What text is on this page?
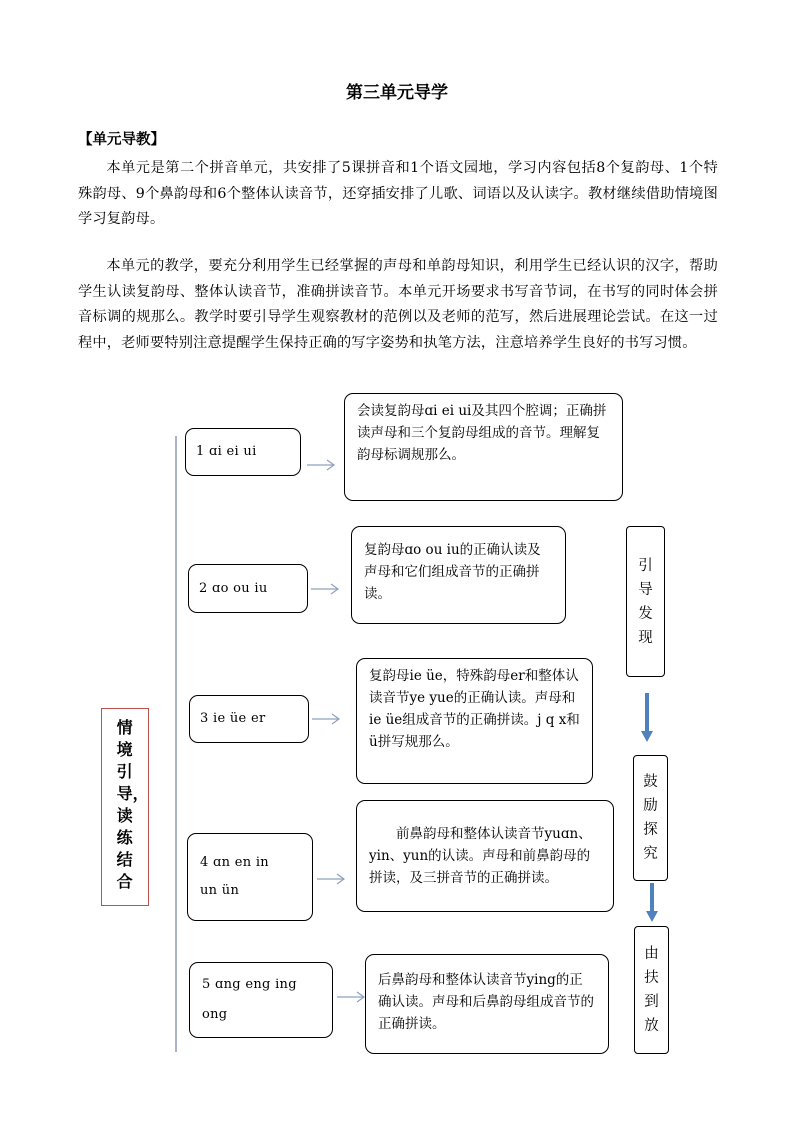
第三单元导学
【单元导教】
本单元是第二个拼音单元，共安排了5课拼音和1个语文园地，学习内容包括8个复韵母、1个特殊韵母、9个鼻韵母和6个整体认读音节，还穿插安排了儿歌、词语以及认读字。教材继续借助情境图学习复韵母。
本单元的教学，要充分利用学生已经掌握的声母和单韵母知识，利用学生已经认识的汉字，帮助学生认读复韵母、整体认读音节，准确拼读音节。本单元开场要求书写音节词，在书写的同时体会拼音标调的规那么。教学时要引导学生观察教材的范例以及老师的范写，然后进展理论尝试。在这一过程中，老师要特别注意提醒学生保持正确的写字姿势和执笔方法，注意培养学生良好的书写习惯。
情境引导，读练结合
1 ɑi ei ui
会读复韵母ɑi ei ui及其四个腔调；正确拼读声母和三个复韵母组成的音节。理解复韵母标调规那么。
2 ɑo ou iu
复韵母ɑo ou iu的正确认读及声母和它们组成音节的正确拼读。
3 ie üe er
复韵母ie üe，特殊韵母er和整体认读音节ye yue的正确认读。声母和ie üe组成音节的正确拼读。j q x和ü拼写规那么。
4 ɑn en in un ün
前鼻韵母和整体认读音节yuɑn、yin、yun的认读。声母和前鼻韵母的拼读，及三拼音节的正确拼读。
5 ɑng eng ing ong
后鼻韵母和整体认读音节ying的正确认读。声母和后鼻韵母组成音节的正确拼读。
引导发现
鼓励探究
由扶到放
